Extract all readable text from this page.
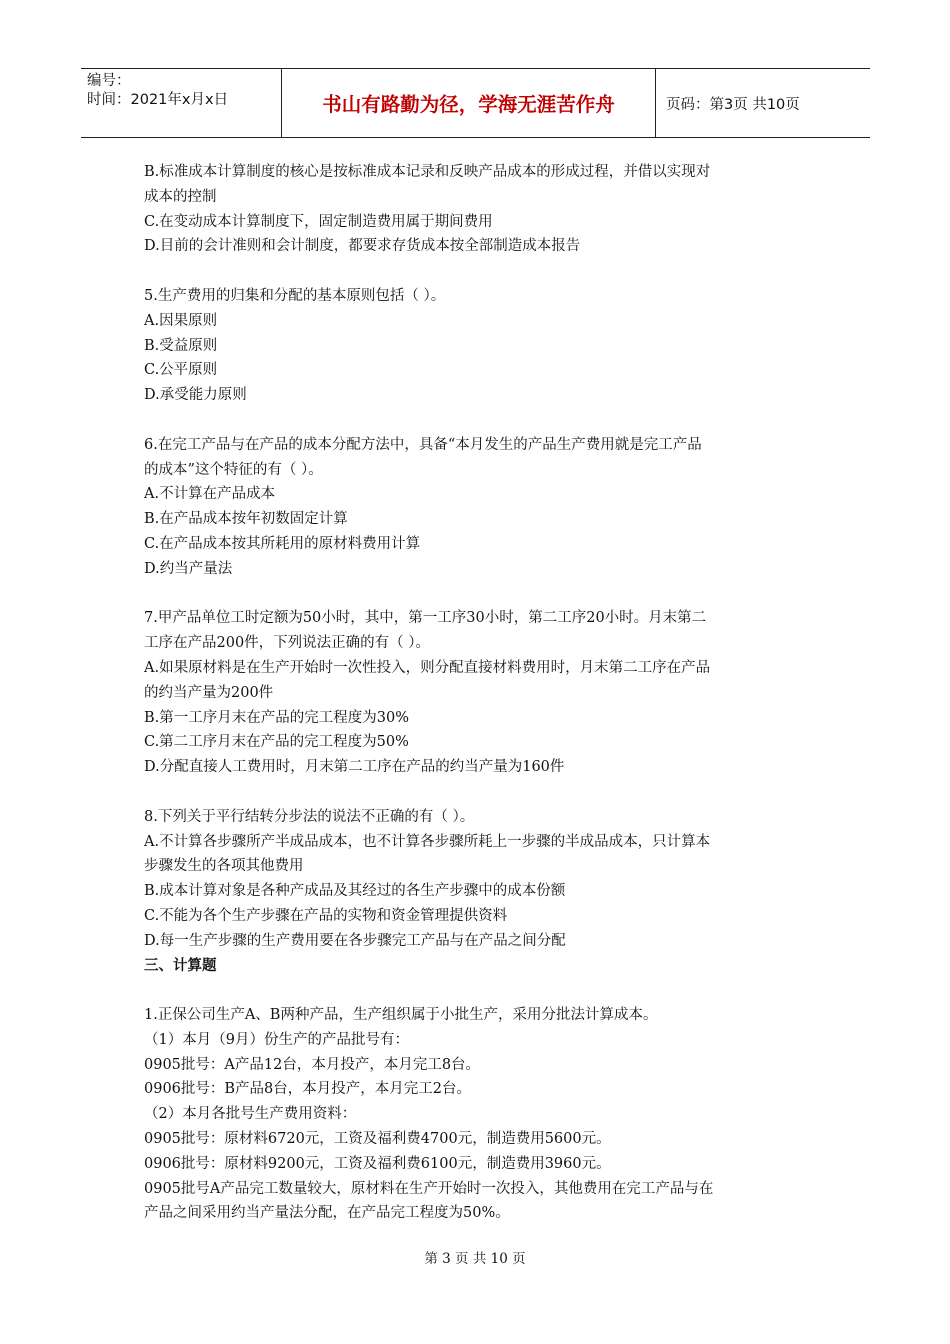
编号：
时间：2021年x月x日	书山有路勤为径，学海无涯苦作舟	页码：第3页 共10页

B.标准成本计算制度的核心是按标准成本记录和反映产品成本的形成过程，并借以实现对

成本的控制

C.在变动成本计算制度下，固定制造费用属于期间费用

D.目前的会计准则和会计制度，都要求存货成本按全部制造成本报告

5.生产费用的归集和分配的基本原则包括（ ）。

A.因果原则

B.受益原则

C.公平原则

D.承受能力原则

6.在完工产品与在产品的成本分配方法中，具备“本月发生的产品生产费用就是完工产品

的成本”这个特征的有（ ）。

A.不计算在产品成本

B.在产品成本按年初数固定计算

C.在产品成本按其所耗用的原材料费用计算

D.约当产量法

7.甲产品单位工时定额为50小时，其中，第一工序30小时，第二工序20小时。月末第二

工序在产品200件，下列说法正确的有（ ）。

A.如果原材料是在生产开始时一次性投入，则分配直接材料费用时，月末第二工序在产品

的约当产量为200件

B.第一工序月末在产品的完工程度为30%

C.第二工序月末在产品的完工程度为50%

D.分配直接人工费用时，月末第二工序在产品的约当产量为160件

8.下列关于平行结转分步法的说法不正确的有（ ）。

A.不计算各步骤所产半成品成本，也不计算各步骤所耗上一步骤的半成品成本，只计算本

步骤发生的各项其他费用

B.成本计算对象是各种产成品及其经过的各生产步骤中的成本份额

C.不能为各个生产步骤在产品的实物和资金管理提供资料

D.每一生产步骤的生产费用要在各步骤完工产品与在产品之间分配

三、计算题

1.正保公司生产A、B两种产品，生产组织属于小批生产，采用分批法计算成本。

（1）本月（9月）份生产的产品批号有：

0905批号：A产品12台，本月投产，本月完工8台。

0906批号：B产品8台，本月投产，本月完工2台。

（2）本月各批号生产费用资料：

0905批号：原材料6720元，工资及福利费4700元，制造费用5600元。

0906批号：原材料9200元，工资及福利费6100元，制造费用3960元。

0905批号A产品完工数量较大，原材料在生产开始时一次投入，其他费用在完工产品与在

产品之间采用约当产量法分配，在产品完工程度为50%。

第 3 页 共 10 页
